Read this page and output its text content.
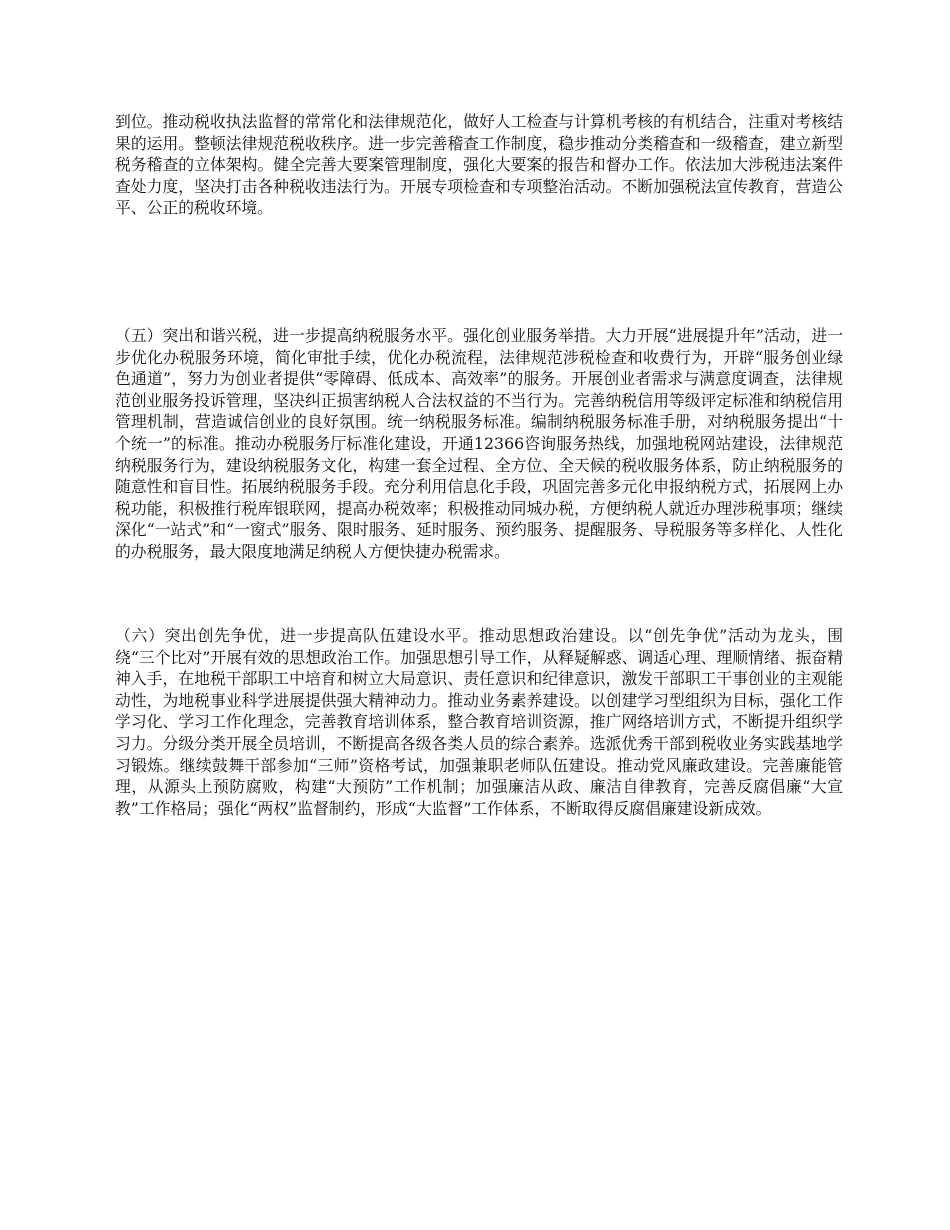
到位。推动税收执法监督的常常化和法律规范化，做好人工检查与计算机考核的有机结合，注重对考核结果的运用。整顿法律规范税收秩序。进一步完善稽查工作制度，稳步推动分类稽查和一级稽查，建立新型税务稽查的立体架构。健全完善大要案管理制度，强化大要案的报告和督办工作。依法加大涉税违法案件查处力度，坚决打击各种税收违法行为。开展专项检查和专项整治活动。不断加强税法宣传教育，营造公平、公正的税收环境。

（五）突出和谐兴税，进一步提高纳税服务水平。强化创业服务举措。大力开展“进展提升年”活动，进一步优化办税服务环境，简化审批手续，优化办税流程，法律规范涉税检查和收费行为，开辟“服务创业绿色通道”，努力为创业者提供“零障碍、低成本、高效率”的服务。开展创业者需求与满意度调查，法律规范创业服务投诉管理，坚决纠正损害纳税人合法权益的不当行为。完善纳税信用等级评定标准和纳税信用管理机制，营造诚信创业的良好氛围。统一纳税服务标准。编制纳税服务标准手册，对纳税服务提出“十个统一”的标准。推动办税服务厅标准化建设，开通12366咨询服务热线，加强地税网站建设，法律规范纳税服务行为，建设纳税服务文化，构建一套全过程、全方位、全天候的税收服务体系，防止纳税服务的随意性和盲目性。拓展纳税服务手段。充分利用信息化手段，巩固完善多元化申报纳税方式，拓展网上办税功能，积极推行税库银联网，提高办税效率；积极推动同城办税，方便纳税人就近办理涉税事项；继续深化“一站式”和“一窗式”服务、限时服务、延时服务、预约服务、提醒服务、导税服务等多样化、人性化的办税服务，最大限度地满足纳税人方便快捷办税需求。

（六）突出创先争优，进一步提高队伍建设水平。推动思想政治建设。以“创先争优”活动为龙头，围绕“三个比对”开展有效的思想政治工作。加强思想引导工作，从释疑解惑、调适心理、理顺情绪、振奋精神入手，在地税干部职工中培育和树立大局意识、责任意识和纪律意识，激发干部职工干事创业的主观能动性，为地税事业科学进展提供强大精神动力。推动业务素养建设。以创建学习型组织为目标，强化工作学习化、学习工作化理念，完善教育培训体系，整合教育培训资源，推广网络培训方式，不断提升组织学习力。分级分类开展全员培训，不断提高各级各类人员的综合素养。选派优秀干部到税收业务实践基地学习锻炼。继续鼓舞干部参加“三师”资格考试，加强兼职老师队伍建设。推动党风廉政建设。完善廉能管理，从源头上预防腐败，构建“大预防”工作机制；加强廉洁从政、廉洁自律教育，完善反腐倡廉“大宣教”工作格局；强化“两权”监督制约，形成“大监督”工作体系，不断取得反腐倡廉建设新成效。
